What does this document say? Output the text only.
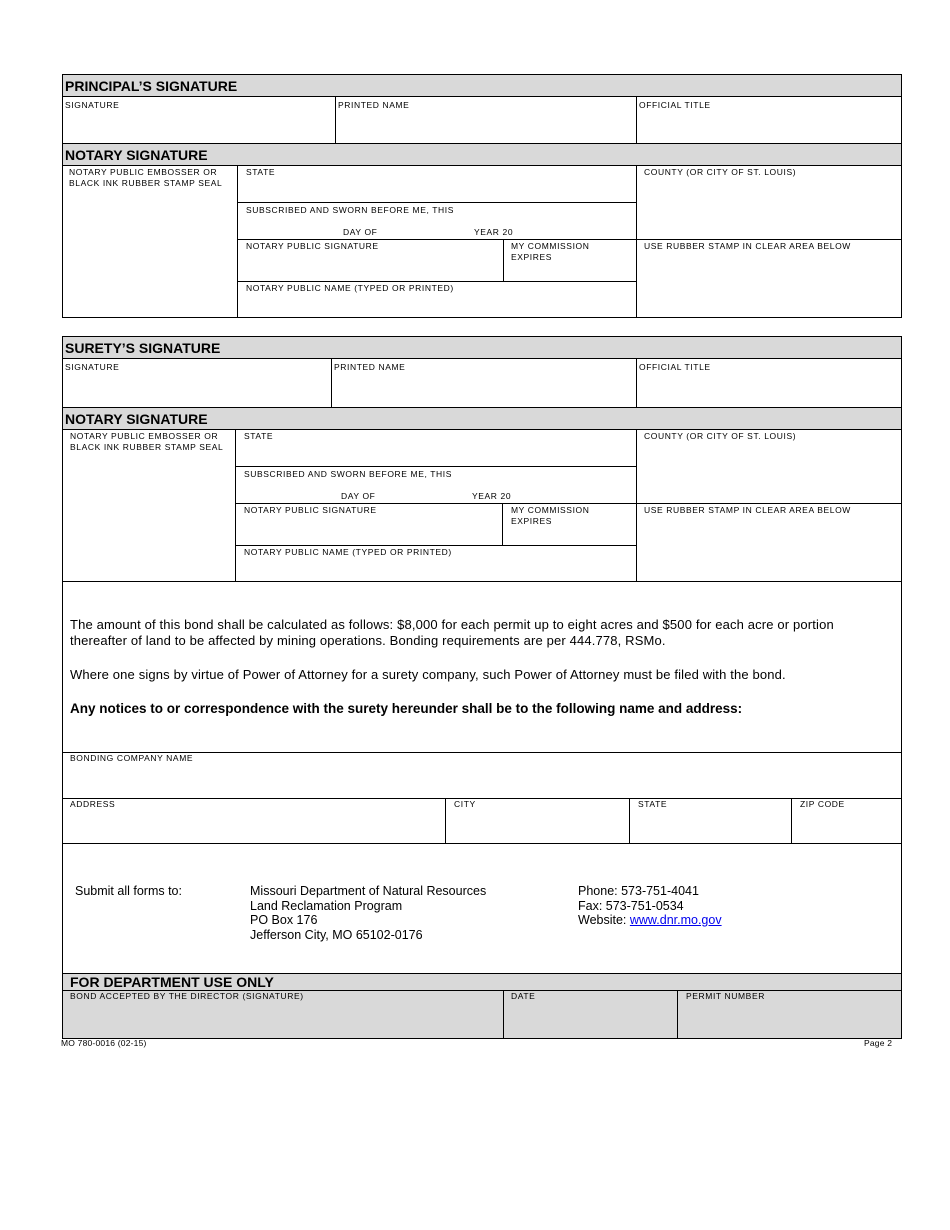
PRINCIPAL’S SIGNATURE
SIGNATURE	PRINTED NAME	OFFICIAL TITLE
NOTARY SIGNATURE
NOTARY PUBLIC EMBOSSER OR BLACK INK RUBBER STAMP SEAL
STATE
SUBSCRIBED AND SWORN BEFORE ME, THIS
DAY OF	YEAR 20
NOTARY PUBLIC SIGNATURE	MY COMMISSION EXPIRES
NOTARY PUBLIC NAME (TYPED OR PRINTED)
COUNTY (OR CITY OF ST. LOUIS)
USE RUBBER STAMP IN CLEAR AREA BELOW
SURETY’S SIGNATURE
SIGNATURE	PRINTED NAME	OFFICIAL TITLE
NOTARY SIGNATURE
NOTARY PUBLIC EMBOSSER OR BLACK INK RUBBER STAMP SEAL
STATE
SUBSCRIBED AND SWORN BEFORE ME, THIS
DAY OF	YEAR 20
NOTARY PUBLIC SIGNATURE	MY COMMISSION EXPIRES
NOTARY PUBLIC NAME (TYPED OR PRINTED)
COUNTY (OR CITY OF ST. LOUIS)
USE RUBBER STAMP IN CLEAR AREA BELOW
The amount of this bond shall be calculated as follows: $8,000 for each permit up to eight acres and $500 for each acre or portion thereafter of land to be affected by mining operations. Bonding requirements are per 444.778, RSMo.
Where one signs by virtue of Power of Attorney for a surety company, such Power of Attorney must be filed with the bond.
Any notices to or correspondence with the surety hereunder shall be to the following name and address:
BONDING COMPANY NAME
ADDRESS	CITY	STATE	ZIP CODE
Submit all forms to:	Missouri Department of Natural Resources
Land Reclamation Program
PO Box 176
Jefferson City, MO 65102-0176
Phone: 573-751-4041
Fax: 573-751-0534
Website: www.dnr.mo.gov
FOR DEPARTMENT USE ONLY
BOND ACCEPTED BY THE DIRECTOR (SIGNATURE)	DATE	PERMIT NUMBER
MO 780-0016 (02-15)	Page 2
